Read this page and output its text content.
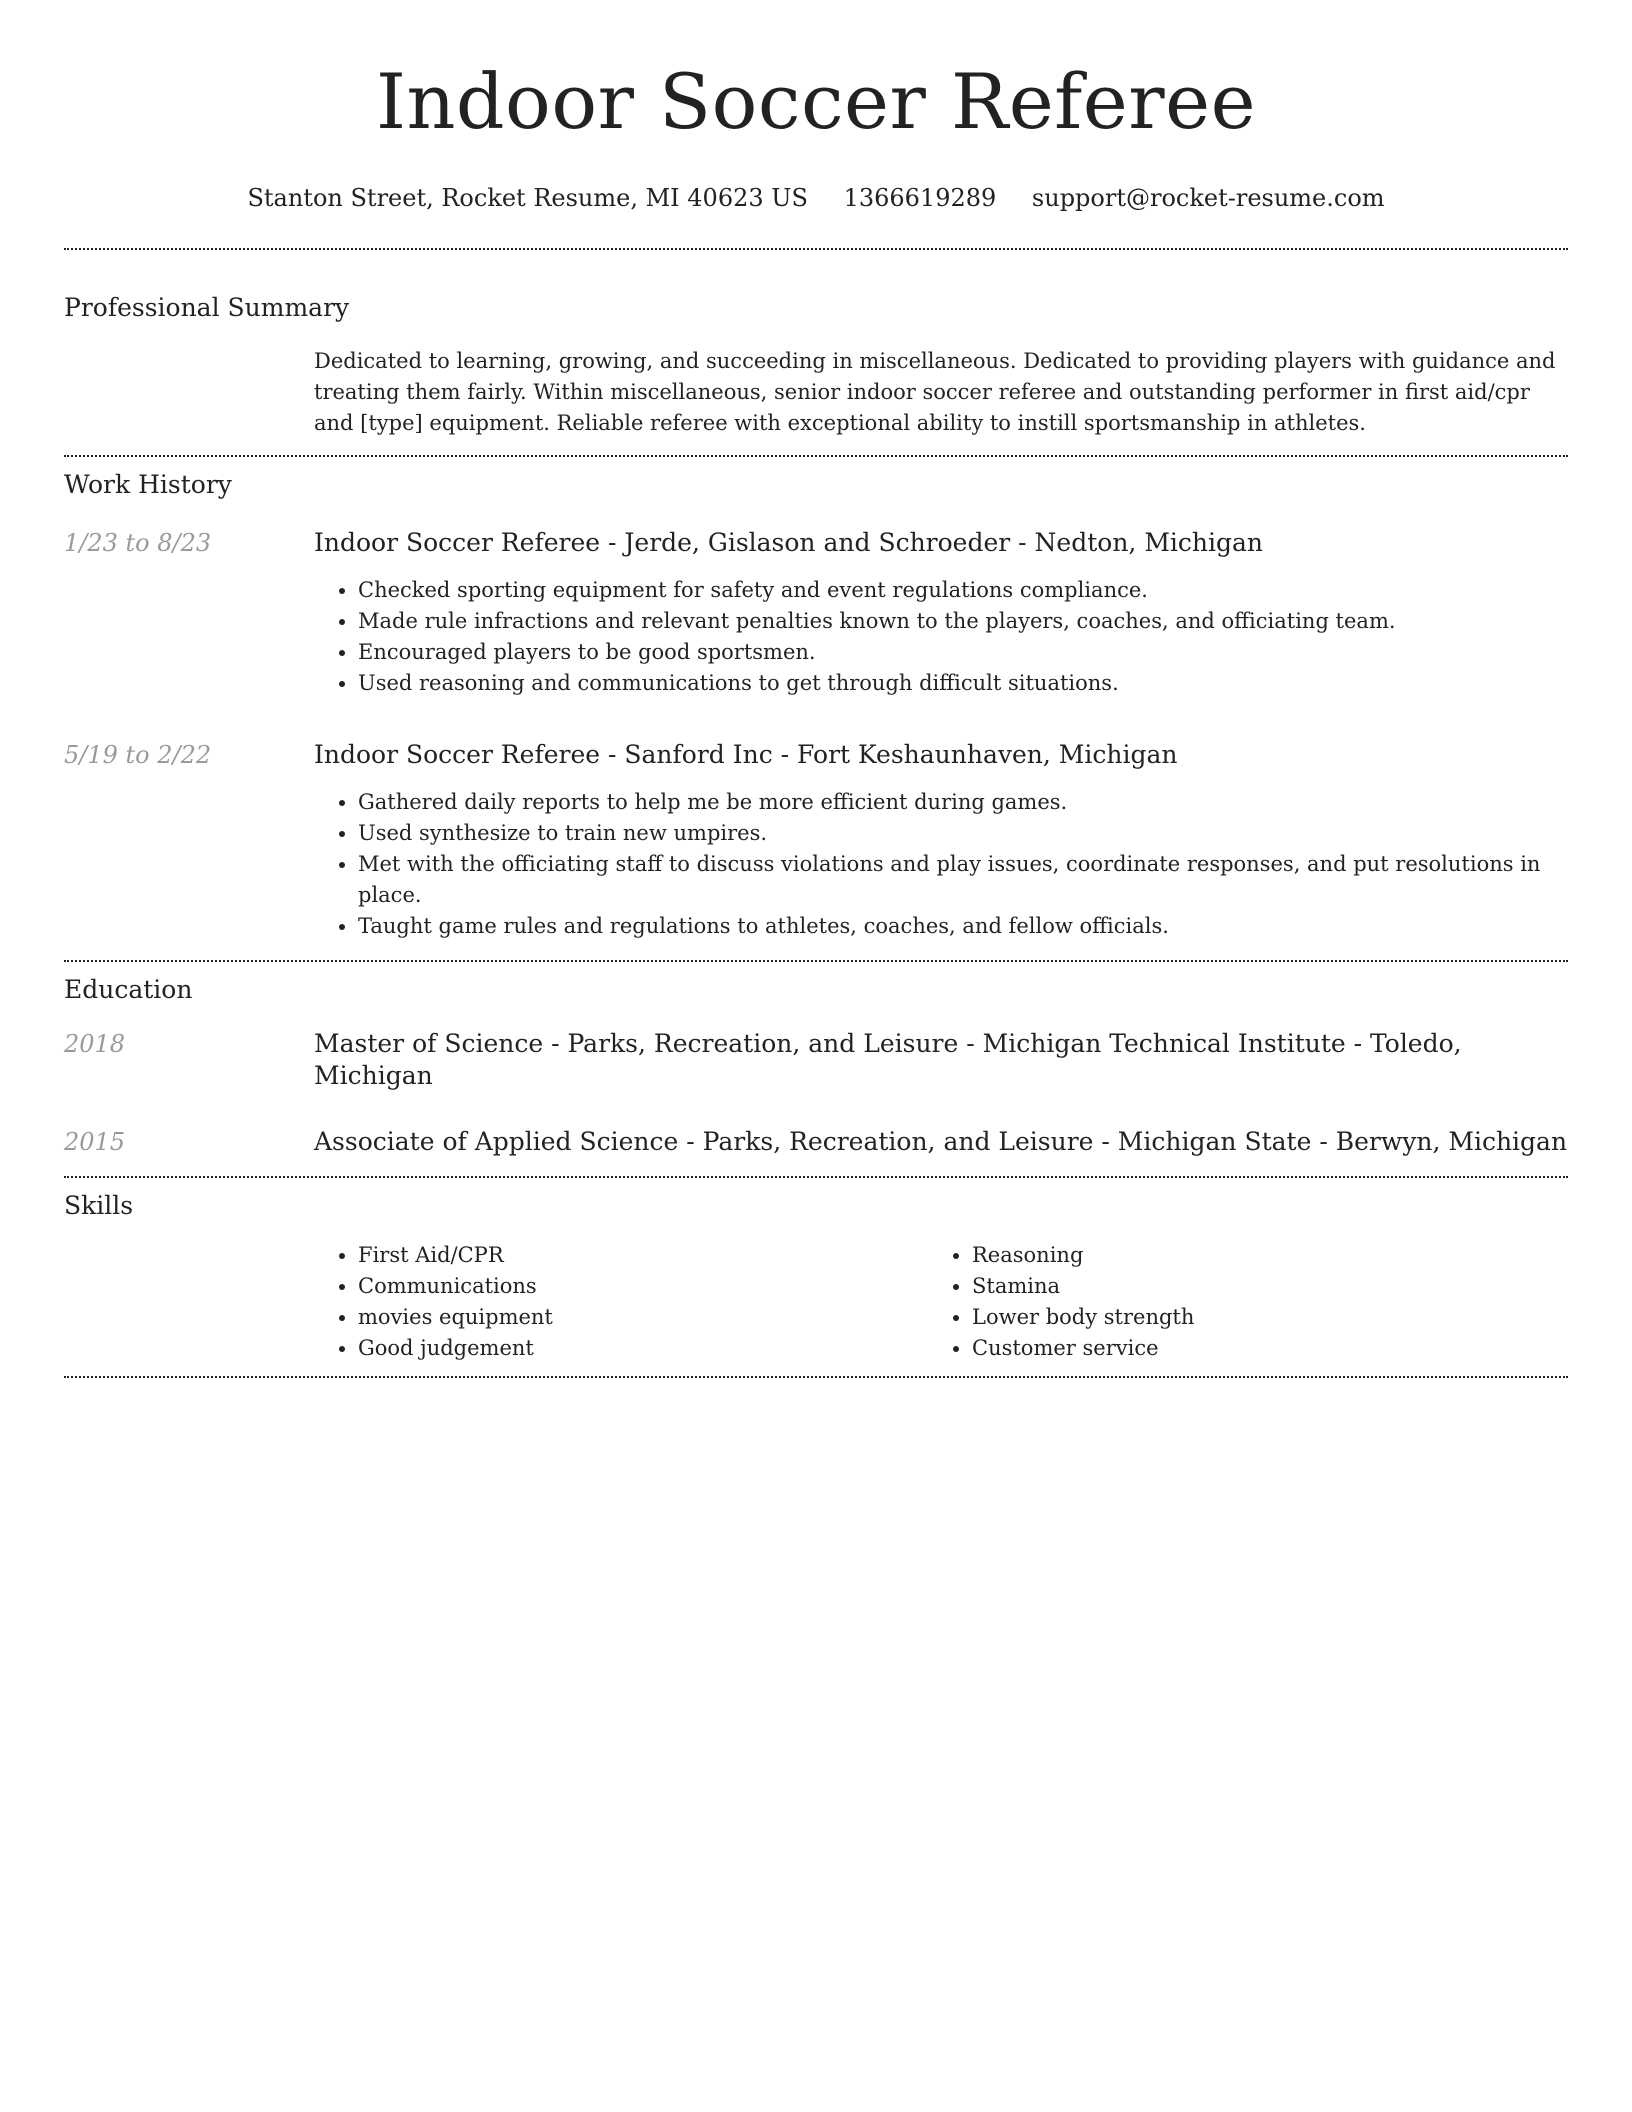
Indoor Soccer Referee
Stanton Street, Rocket Resume, MI 40623 US 1366619289 support@rocket-resume.com
Professional Summary
Dedicated to learning, growing, and succeeding in miscellaneous. Dedicated to providing players with guidance and treating them fairly. Within miscellaneous, senior indoor soccer referee and outstanding performer in first aid/cpr and [type] equipment. Reliable referee with exceptional ability to instill sportsmanship in athletes.
Work History
1/23 to 8/23	Indoor Soccer Referee - Jerde, Gislason and Schroeder - Nedton, Michigan
• Checked sporting equipment for safety and event regulations compliance.
• Made rule infractions and relevant penalties known to the players, coaches, and officiating team.
• Encouraged players to be good sportsmen.
• Used reasoning and communications to get through difficult situations.
5/19 to 2/22	Indoor Soccer Referee - Sanford Inc - Fort Keshaunhaven, Michigan
• Gathered daily reports to help me be more efficient during games.
• Used synthesize to train new umpires.
• Met with the officiating staff to discuss violations and play issues, coordinate responses, and put resolutions in place.
• Taught game rules and regulations to athletes, coaches, and fellow officials.
Education
2018	Master of Science - Parks, Recreation, and Leisure - Michigan Technical Institute - Toledo, Michigan
2015	Associate of Applied Science - Parks, Recreation, and Leisure - Michigan State - Berwyn, Michigan
Skills
• First Aid/CPR
• Communications
• movies equipment
• Good judgement
• Reasoning
• Stamina
• Lower body strength
• Customer service
